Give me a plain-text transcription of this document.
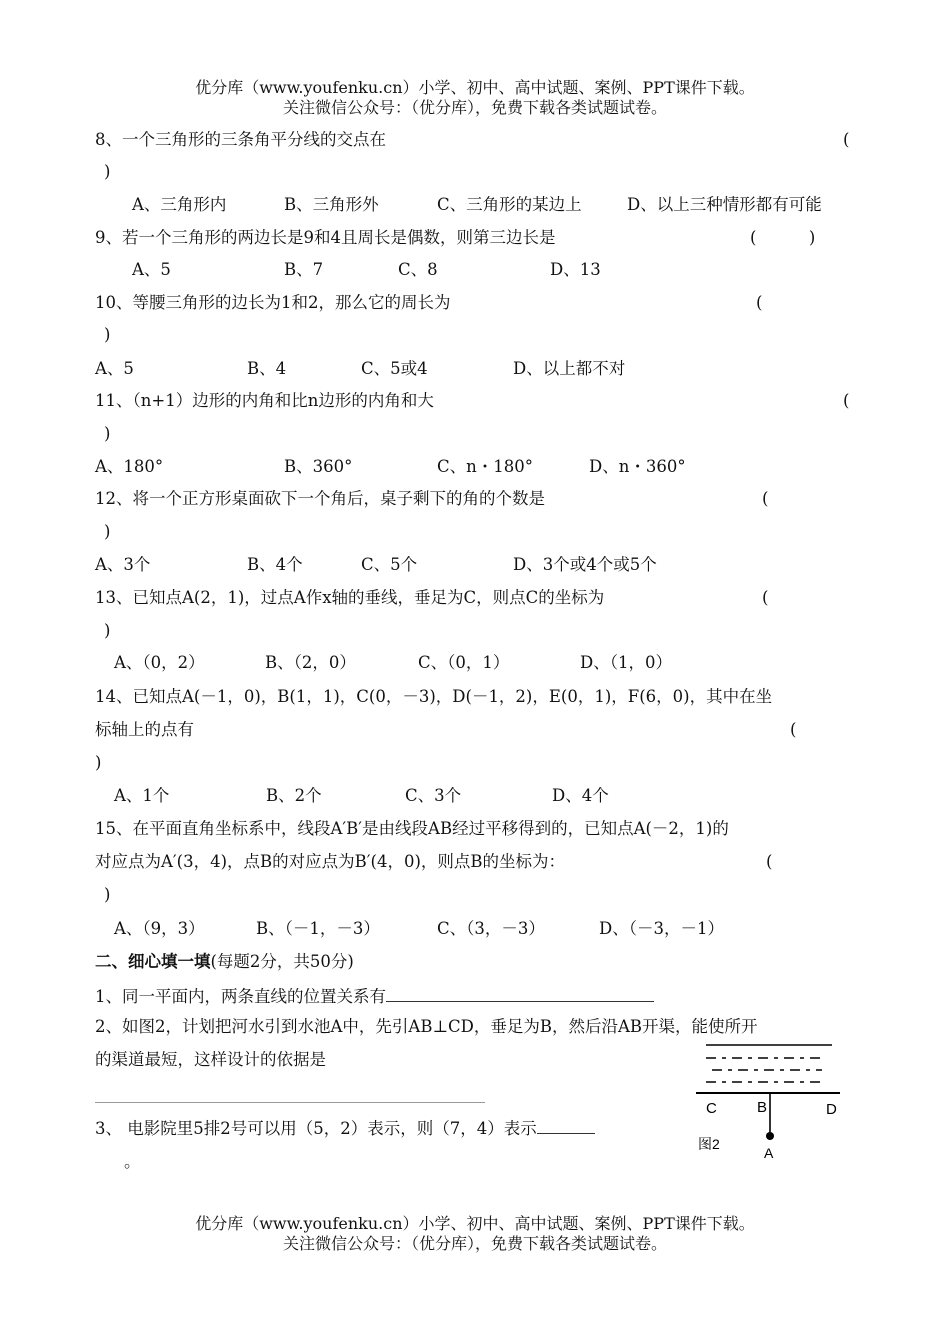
优分库（www.youfenku.cn）小学、初中、高中试题、案例、PPT课件下载。
关注微信公众号：（优分库），免费下载各类试题试卷。
8、一个三角形的三条角平分线的交点在	(
)
A、三角形内	B、三角形外	C、三角形的某边上	D、以上三种情形都有可能
9、若一个三角形的两边长是9和4且周长是偶数，则第三边长是	(          )
A、5	B、7	C、8	D、13
10、等腰三角形的边长为1和2，那么它的周长为	(
)
A、5	B、4	C、5或4	D、以上都不对
11、（n+1）边形的内角和比n边形的内角和大	(
)
A、180°	B、360°	C、n・180°	D、n・360°
12、将一个正方形桌面砍下一个角后，桌子剩下的角的个数是	(
)
A、3个	B、4个	C、5个	D、3个或4个或5个
13、已知点A(2，1)，过点A作x轴的垂线，垂足为C，则点C的坐标为	(
)
A、（0，2）	B、（2，0）	C、（0，1）	D、（1，0）
14、已知点A(－1，0)，B(1，1)，C(0，－3)，D(－1，2)，E(0，1)，F(6，0)，其中在坐
标轴上的点有	(
)
A、1个	B、2个	C、3个	D、4个
15、在平面直角坐标系中，线段A′B′是由线段AB经过平移得到的，已知点A(－2，1)的
对应点为A′(3，4)，点B的对应点为B′(4，0)，则点B的坐标为：	(
)
A、（9，3）	B、（－1，－3）	C、（3，－3）	D、（－3，－1）
二、细心填一填(每题2分，共50分)
1、同一平面内，两条直线的位置关系有
2、如图2，计划把河水引到水池A中，先引AB⊥CD，垂足为B，然后沿AB开渠，能使所开
的渠道最短，这样设计的依据是
3、 电影院里5排2号可以用（5，2）表示，则（7，4）表示
。
C	B	D
A
图2
优分库（www.youfenku.cn）小学、初中、高中试题、案例、PPT课件下载。
关注微信公众号：（优分库），免费下载各类试题试卷。
